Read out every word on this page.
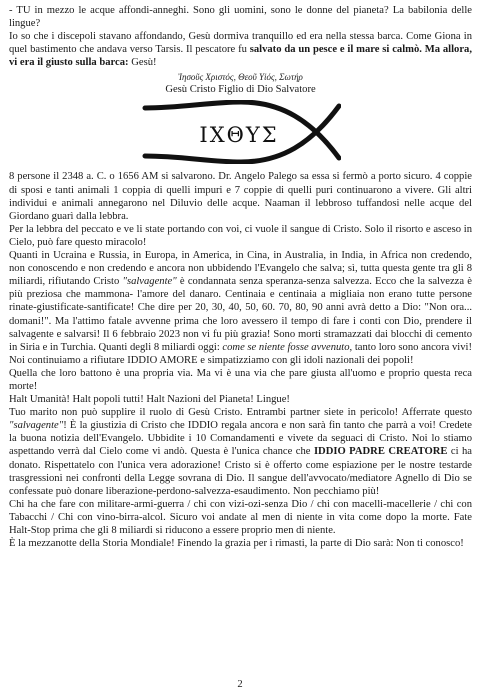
- TU in mezzo le acque affondi-anneghi. Sono gli uomini, sono le donne del pianeta? La babilonia delle lingue?

Io so che i discepoli stavano affondando, Gesù dormiva tranquillo ed era nella stessa barca. Come Giona in quel bastimento che andava verso Tarsis. Il pescatore fu salvato da un pesce e il mare si calmò. Ma allora, vi era il giusto sulla barca: Gesù!

Ἰησοῦς Χριστός, Θεοῦ Υἱός, Σωτήρ

Gesù Cristo Figlio di Dio Salvatore

ΙΧΘΥΣ

8 persone il 2348 a. C. o 1656 AM si salvarono. Dr. Angelo Palego sa essa si fermò a porto sicuro. 4 coppie di sposi e tanti animali 1 coppia di quelli impuri e 7 coppie di quelli puri continuarono a vivere. Gli altri individui e animali annegarono nel Diluvio delle acque. Naaman il lebbroso tuffandosi nelle acque del Giordano guarì dalla lebbra.

Per la lebbra del peccato e ve li state portando con voi, ci vuole il sangue di Cristo. Solo il risorto e asceso in Cielo, può fare questo miracolo!

Quanti in Ucraina e Russia, in Europa, in America, in Cina, in Australia, in India, in Africa non credendo, non conoscendo e non credendo e ancora non ubbidendo l'Evangelo che salva; sì, tutta questa gente tra gli 8 miliardi, rifiutando Cristo "salvagente" è condannata senza speranza-senza salvezza. Ecco che la salvezza è più preziosa che mammona- l'amore del danaro. Centinaia e centinaia a migliaia non erano tutte persone rinate-giustificate-santificate! Che dire per 20, 30, 40, 50, 60. 70, 80, 90 anni avrà detto a Dio: "Non ora... domani!". Ma l'attimo fatale avvenne prima che loro avessero il tempo di fare i conti con Dio, prendere il salvagente e salvarsi! Il 6 febbraio 2023 non vi fu più grazia! Sono morti stramazzati dai blocchi di cemento in Siria e in Turchia. Quanti degli 8 miliardi oggi: come se niente fosse avvenuto, tanto loro sono ancora vivi! Noi continuiamo a rifiutare IDDIO AMORE e simpatizziamo con gli idoli nazionali dei popoli!

Quella che loro battono è una propria via. Ma vi è una via che pare giusta all'uomo e proprio questa reca morte!

Halt Umanità! Halt popoli tutti! Halt Nazioni del Pianeta! Lingue!

Tuo marito non può supplire il ruolo di Gesù Cristo. Entrambi partner siete in pericolo! Afferrate questo "salvagente"! È la giustizia di Cristo che IDDIO regala ancora e non sarà fin tanto che parrà a voi! Credete la buona notizia dell'Evangelo. Ubbidite i 10 Comandamenti e vivete da seguaci di Cristo. Noi lo stiamo aspettando verrà dal Cielo come vi andò. Questa è l'unica chance che IDDIO PADRE CREATORE ci ha donato. Rispettatelo con l'unica vera adorazione! Cristo si è offerto come espiazione per le nostre testarde trasgressioni nei confronti della Legge sovrana di Dio. Il sangue dell'avvocato/mediatore Agnello di Dio se confessate può donare liberazione-perdono-salvezza-esaudimento. Non pecchiamo più!

Chi ha che fare con militare-armi-guerra / chi con vizi-ozi-senza Dio / chi con macelli-macellerie / chi con Tabacchi / Chi con vino-birra-alcol. Sicuro voi andate al men di niente in vita come dopo la morte. Fate Halt-Stop prima che gli 8 miliardi si riducono a essere proprio men di niente.

È la mezzanotte della Storia Mondiale! Finendo la grazia per i rimasti, la parte di Dio sarà: Non ti conosco!

2
